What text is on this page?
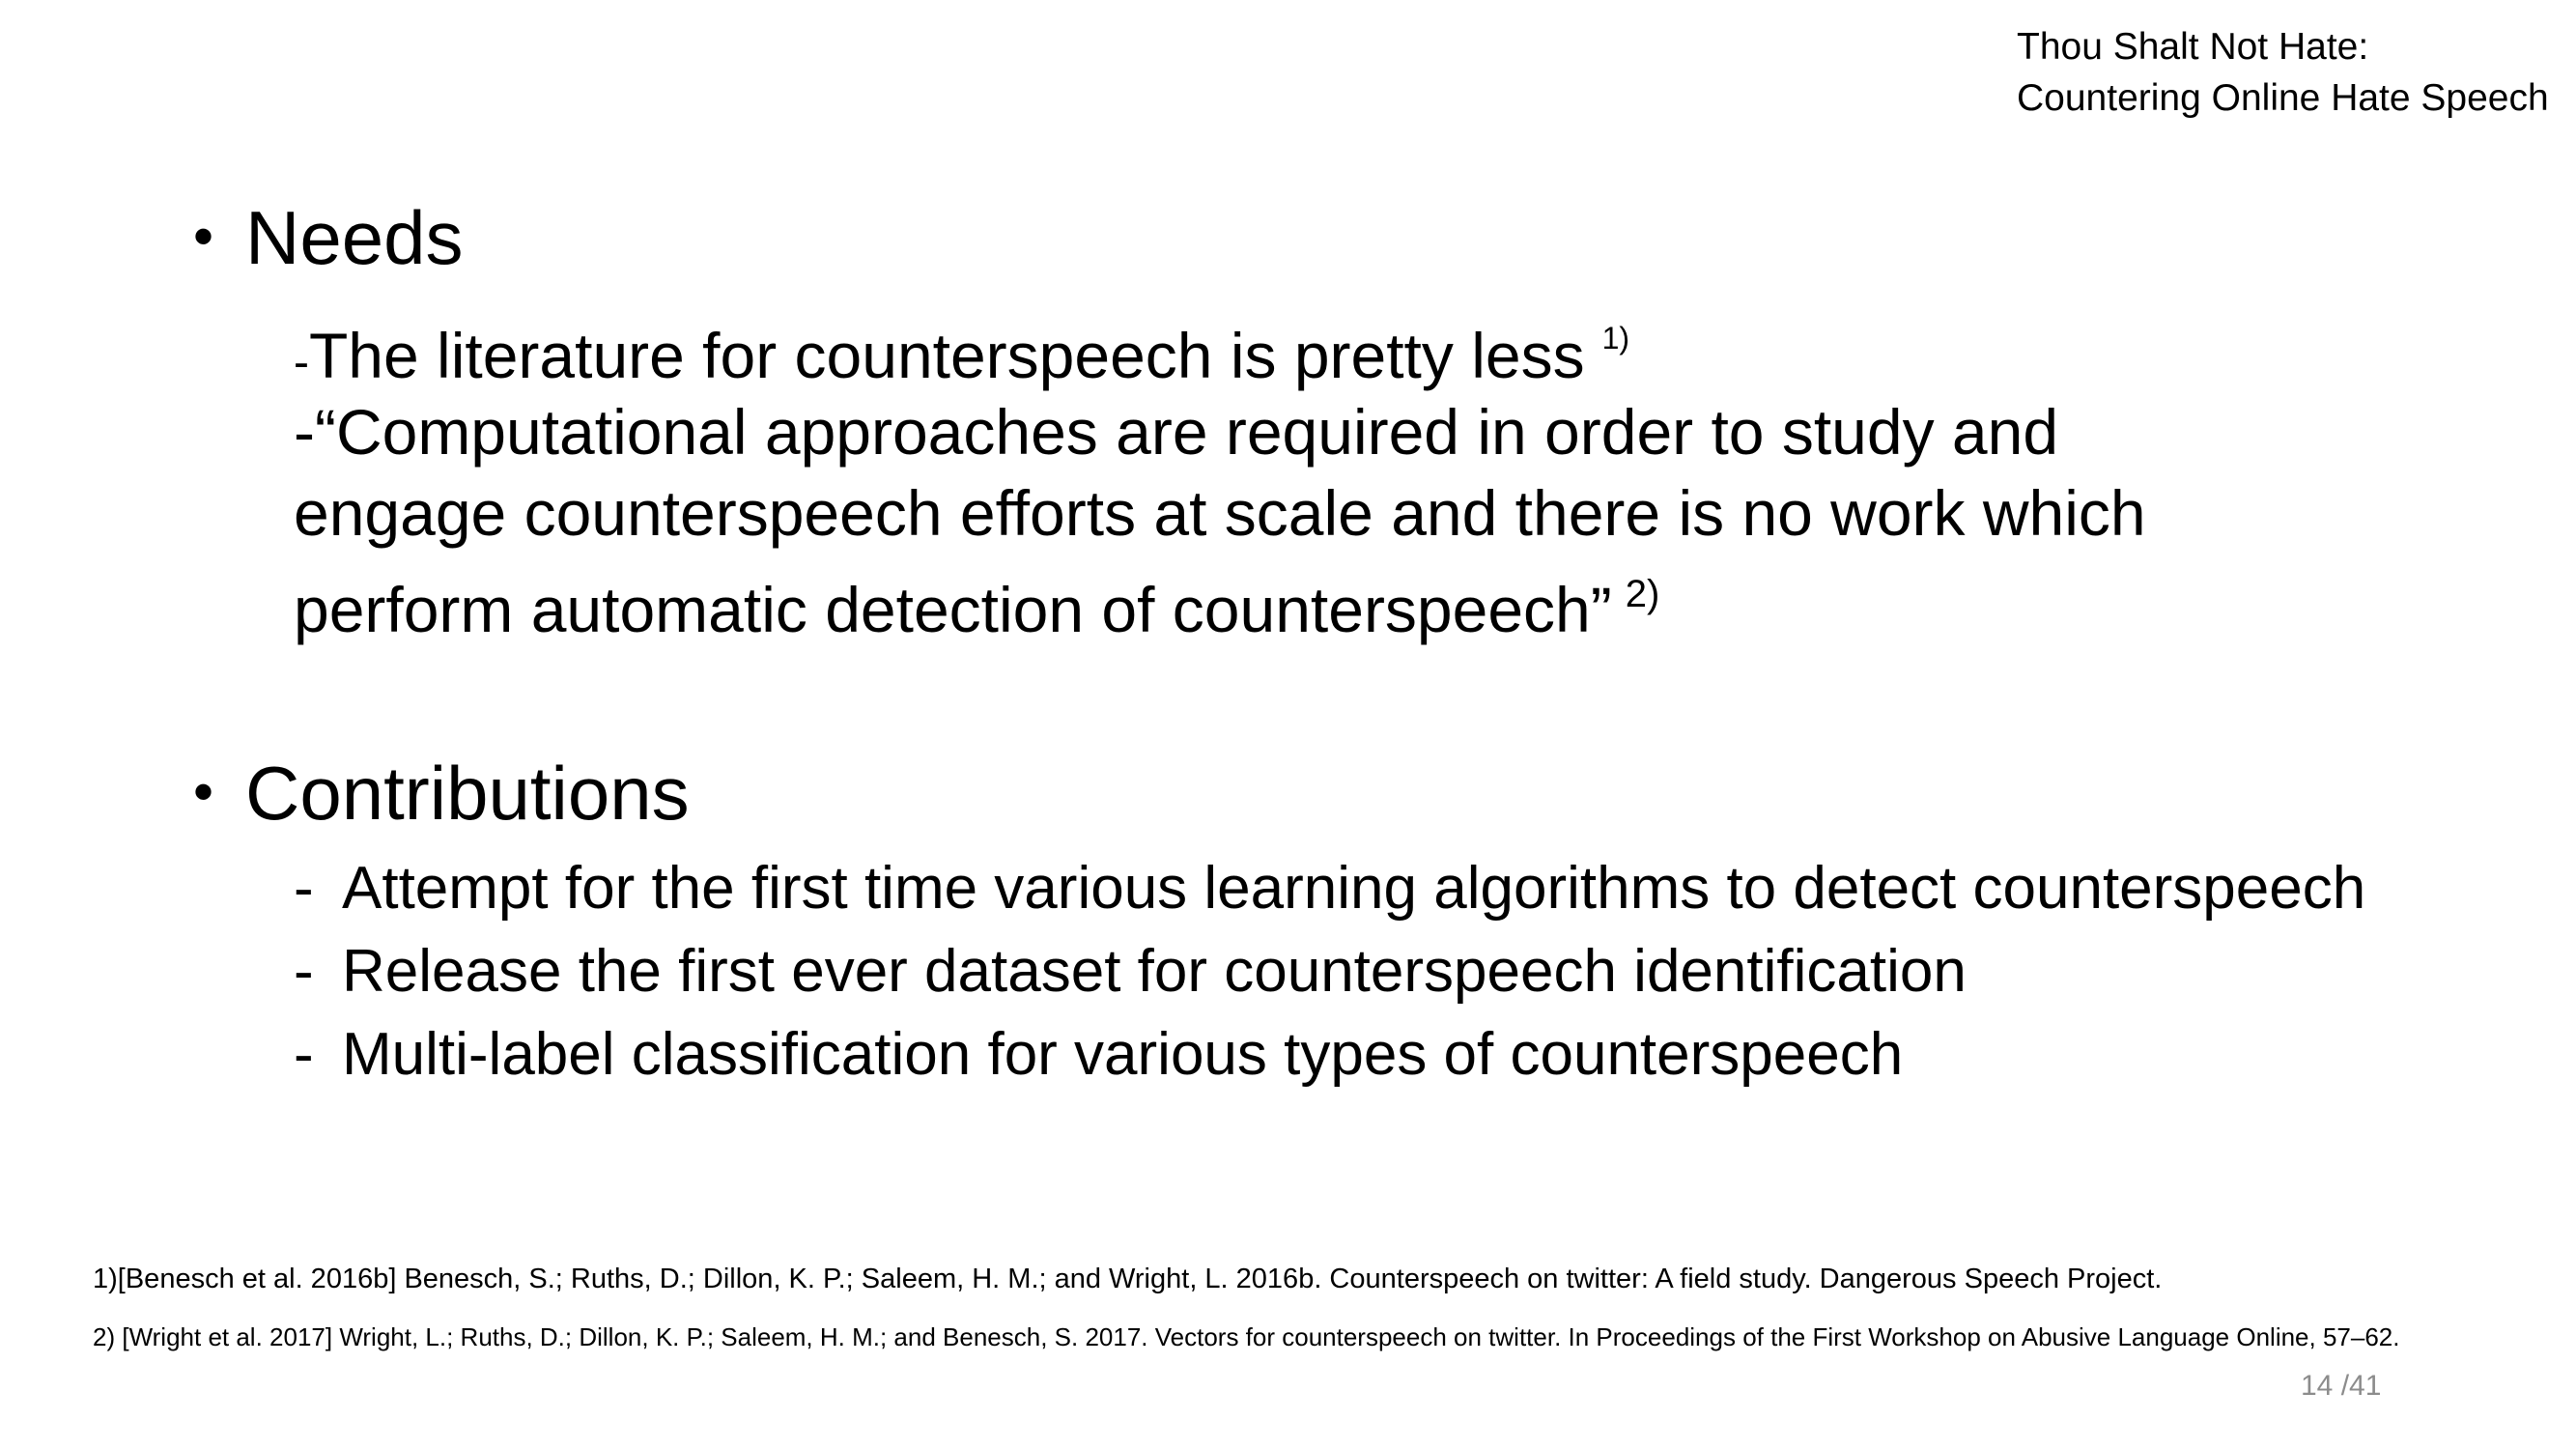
Thou Shalt Not Hate:
Countering Online Hate Speech
• Needs
-The literature for counterspeech is pretty less $^{1)}$
-“Computational approaches are required in order to study and
engage counterspeech efforts at scale and there is no work which
perform automatic detection of counterspeech” $^{2)}$
• Contributions
- Attempt for the first time various learning algorithms to detect counterspeech
- Release the first ever dataset for counterspeech identification
- Multi-label classification for various types of counterspeech
1)[Benesch et al. 2016b] Benesch, S.; Ruths, D.; Dillon, K. P.; Saleem, H. M.; and Wright, L. 2016b. Counterspeech on twitter: A field study. Dangerous Speech Project.
2) [Wright et al. 2017] Wright, L.; Ruths, D.; Dillon, K. P.; Saleem, H. M.; and Benesch, S. 2017. Vectors for counterspeech on twitter. In Proceedings of the First Workshop on Abusive Language Online, 57–62.
14 /41
